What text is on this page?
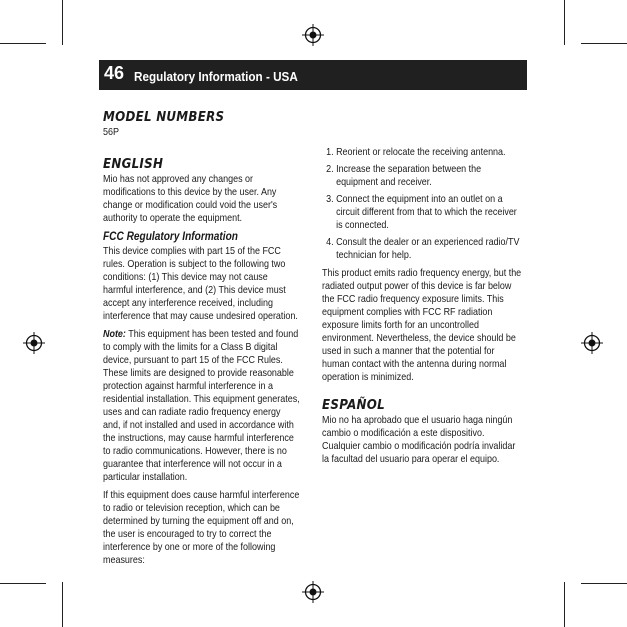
46 Regulatory Information - USA
MODEL NUMBERS

56P

ENGLISH

Mio has not approved any changes or modifications to this device by the user. Any change or modification could void the user's authority to operate the equipment.

FCC Regulatory Information

This device complies with part 15 of the FCC rules. Operation is subject to the following two conditions: (1) This device may not cause harmful interference, and (2) This device must accept any interference received, including interference that may cause undesired operation.

Note: This equipment has been tested and found to comply with the limits for a Class B digital device, pursuant to part 15 of the FCC Rules. These limits are designed to provide reasonable protection against harmful interference in a residential installation. This equipment generates, uses and can radiate radio frequency energy and, if not installed and used in accordance with the instructions, may cause harmful interference to radio communications. However, there is no guarantee that interference will not occur in a particular installation.

If this equipment does cause harmful interference to radio or television reception, which can be determined by turning the equipment off and on, the user is encouraged to try to correct the interference by one or more of the following measures:

1. Reorient or relocate the receiving antenna.
2. Increase the separation between the equipment and receiver.
3. Connect the equipment into an outlet on a circuit different from that to which the receiver is connected.
4. Consult the dealer or an experienced radio/TV technician for help.

This product emits radio frequency energy, but the radiated output power of this device is far below the FCC radio frequency exposure limits. This equipment complies with FCC RF radiation exposure limits forth for an uncontrolled environment. Nevertheless, the device should be used in such a manner that the potential for human contact with the antenna during normal operation is minimized.

ESPAÑOL

Mio no ha aprobado que el usuario haga ningún cambio o modificación a este dispositivo. Cualquier cambio o modificación podría invalidar la facultad del usuario para operar el equipo.
